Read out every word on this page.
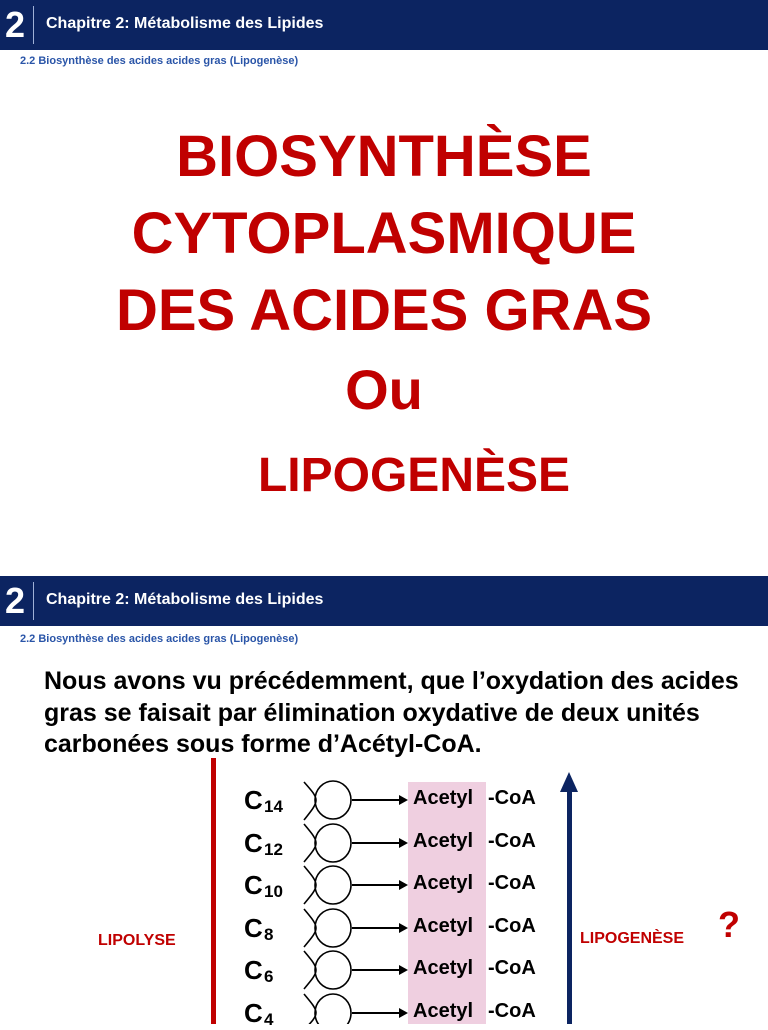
2 Chapitre 2: Métabolisme des Lipides
2.2 Biosynthèse des acides acides gras (Lipogenèse)
BIOSYNTHÈSE
CYTOPLASMIQUE
DES ACIDES GRAS
Ou
LIPOGENÈSE
2 Chapitre 2: Métabolisme des Lipides
2.2 Biosynthèse des acides acides gras (Lipogenèse)
Nous avons vu précédemment, que l’oxydation des acides gras se faisait par élimination oxydative de deux unités carbonées sous forme d’Acétyl-CoA.
LIPOLYSE
C 14
C 12
C 10
C 8
C 6
C 4
Acetyl -CoA
Acetyl -CoA
Acetyl -CoA
Acetyl -CoA
Acetyl -CoA
Acetyl -CoA
LIPOGENÈSE ?
